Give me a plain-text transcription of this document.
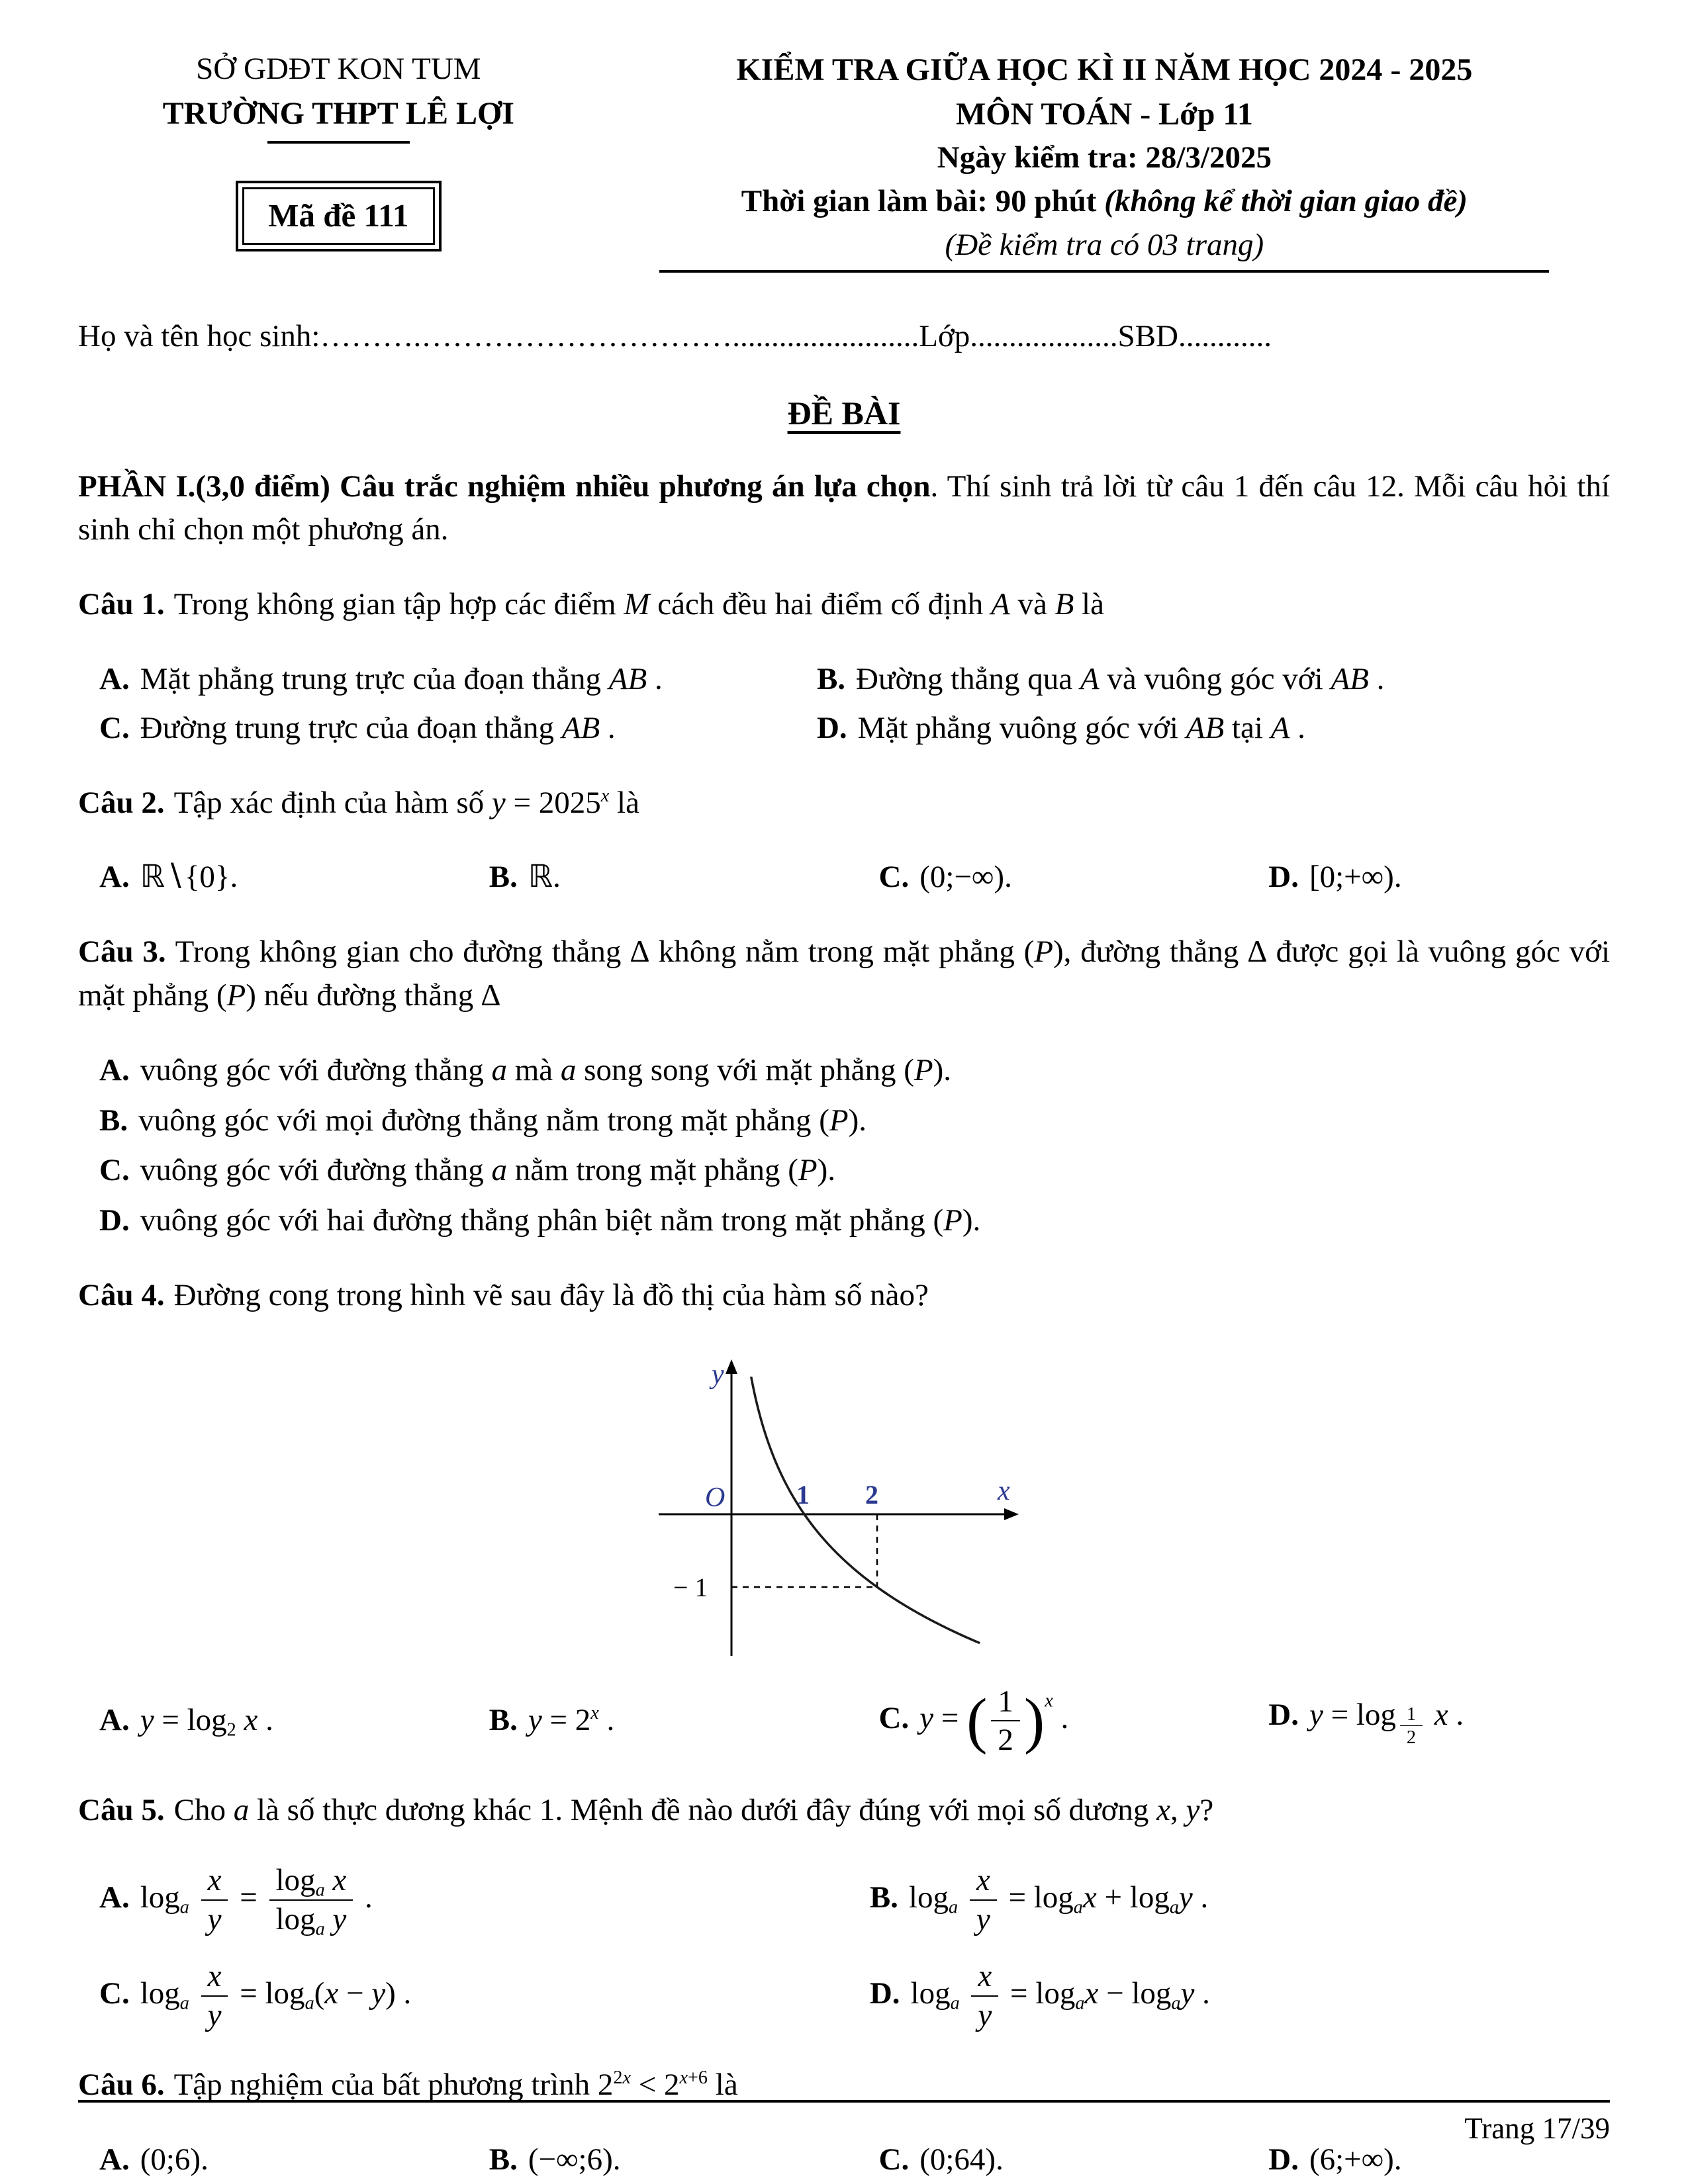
SỞ GDĐT KON TUM
TRƯỜNG THPT LÊ LỢI
Mã đề 111
KIỂM TRA GIỮA HỌC KÌ II NĂM HỌC 2024 - 2025
MÔN TOÁN - Lớp 11
Ngày kiểm tra: 28/3/2025
Thời gian làm bài: 90 phút (không kể thời gian giao đề)
(Đề kiểm tra có 03 trang)

Họ và tên học sinh:……….…………………………........................Lớp...................SBD............

ĐỀ BÀI

PHẦN I.(3,0 điểm) Câu trắc nghiệm nhiều phương án lựa chọn. Thí sinh trả lời từ câu 1 đến câu 12. Mỗi câu hỏi thí sinh chỉ chọn một phương án.

Câu 1. Trong không gian tập hợp các điểm M cách đều hai điểm cố định A và B là

A. Mặt phẳng trung trực của đoạn thẳng AB .	B. Đường thẳng qua A và vuông góc với AB .
C. Đường trung trực của đoạn thẳng AB .	D. Mặt phẳng vuông góc với AB tại A .

Câu 2. Tập xác định của hàm số $y = 2025^x$ là

A. ℝ∖{0}.	B. ℝ.	C. (0;−∞).	D. [0;+∞).

Câu 3. Trong không gian cho đường thẳng ∆ không nằm trong mặt phẳng (P), đường thẳng ∆ được gọi là vuông góc với mặt phẳng (P) nếu đường thẳng ∆

A. vuông góc với đường thẳng a mà a song song với mặt phẳng (P).
B. vuông góc với mọi đường thẳng nằm trong mặt phẳng (P).
C. vuông góc với đường thẳng a nằm trong mặt phẳng (P).
D. vuông góc với hai đường thẳng phân biệt nằm trong mặt phẳng (P).

Câu 4. Đường cong trong hình vẽ sau đây là đồ thị của hàm số nào?

y
x
O	1 2
− 1
A. $y = \log_2 x$ .	B. $y = 2^x$ .	C. y = ( $\frac{1}{2} )^x$ .	D. y = log $_{\frac{1}{2}}$ x .

Câu 5. Cho a là số thực dương khác 1. Mệnh đề nào dưới đây đúng với mọi số dương x, y?

A. $\log_a \frac{x}{y} = \frac{\log_a x}{\log_a y}$ .	B. $\log_a \frac{x}{y} = \log_ax + \log_ay$ .
C. $\log_a \frac{x}{y} = \log_a(x - y)$ .	D. $\log_a \frac{x}{y} = \log_ax - \log_ay$ .

Câu 6. Tập nghiệm của bất phương trình $2^{2x} < 2^{x+6}$ là

A. (0;6).	B. (−∞;6).	C. (0;64).	D. (6;+∞).
Trang 17/39
